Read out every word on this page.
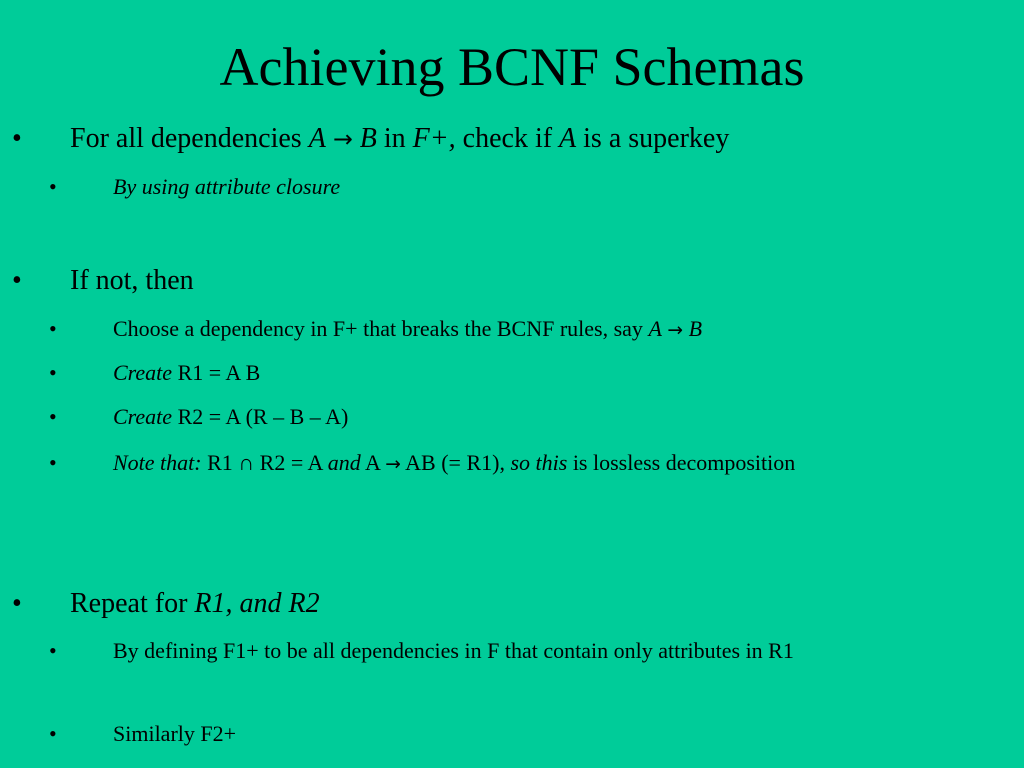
Achieving BCNF Schemas

• For all dependencies A → B in F+, check if A is a superkey

•	By using attribute closure

• If not, then

•	Choose a dependency in F+ that breaks the BCNF rules, say A → B

•	Create R1 = A B

•	Create R2 = A (R – B – A)

•	Note that: R1 ∩ R2 = A and A → AB (= R1), so this is lossless decomposition

• Repeat for R1, and R2

•	By defining F1+ to be all dependencies in F that contain only attributes in R1

•	Similarly F2+
